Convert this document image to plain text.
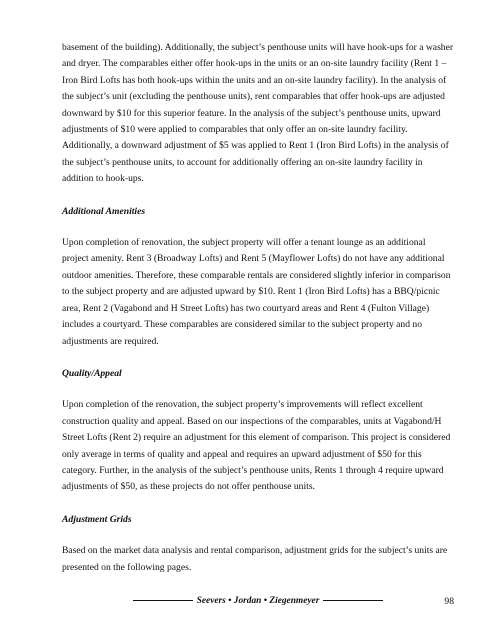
basement of the building). Additionally, the subject’s penthouse units will have hook-ups for a washer and dryer. The comparables either offer hook-ups in the units or an on-site laundry facility (Rent 1 – Iron Bird Lofts has both hook-ups within the units and an on-site laundry facility). In the analysis of the subject’s unit (excluding the penthouse units), rent comparables that offer hook-ups are adjusted downward by $10 for this superior feature. In the analysis of the subject’s penthouse units, upward adjustments of $10 were applied to comparables that only offer an on-site laundry facility. Additionally, a downward adjustment of $5 was applied to Rent 1 (Iron Bird Lofts) in the analysis of the subject’s penthouse units, to account for additionally offering an on-site laundry facility in addition to hook-ups.

Additional Amenities

Upon completion of renovation, the subject property will offer a tenant lounge as an additional project amenity. Rent 3 (Broadway Lofts) and Rent 5 (Mayflower Lofts) do not have any additional outdoor amenities. Therefore, these comparable rentals are considered slightly inferior in comparison to the subject property and are adjusted upward by $10. Rent 1 (Iron Bird Lofts) has a BBQ/picnic area, Rent 2 (Vagabond and H Street Lofts) has two courtyard areas and Rent 4 (Fulton Village) includes a courtyard. These comparables are considered similar to the subject property and no adjustments are required.

Quality/Appeal

Upon completion of the renovation, the subject property’s improvements will reflect excellent construction quality and appeal. Based on our inspections of the comparables, units at Vagabond/H Street Lofts (Rent 2) require an adjustment for this element of comparison. This project is considered only average in terms of quality and appeal and requires an upward adjustment of $50 for this category. Further, in the analysis of the subject’s penthouse units, Rents 1 through 4 require upward adjustments of $50, as these projects do not offer penthouse units.

Adjustment Grids

Based on the market data analysis and rental comparison, adjustment grids for the subject’s units are presented on the following pages.

Seevers • Jordan • Ziegenmeyer	98
